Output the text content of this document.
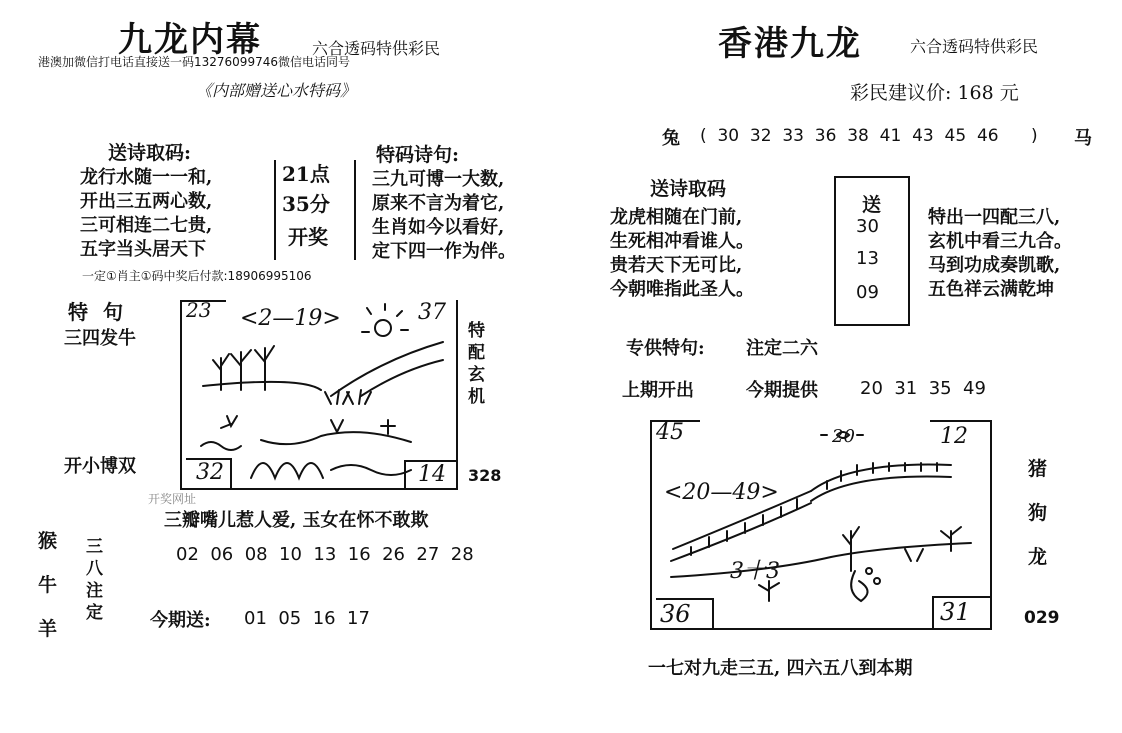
九龙内幕	六合透码特供彩民
港澳加微信打电话直接送一码13276099746微信电话同号
《内部赠送心水特码》
送诗取码:
龙行水随一一和,
开出三五两心数,
三可相连二七贵,
五字当头居天下
21点
35分
开奖
特码诗句:
三九可博一大数,
原来不言为着它,
生肖如今以看好,
定下四一作为伴。
一定①肖主①码中奖后付款:18906995106
特 句
三四发牛
开小博双
23 <2—19>	37
32	14
特
配
玄
机
328
开奖网址
三瓣嘴儿惹人爱, 玉女在怀不敢欺
猴
牛
羊
三
八
注
定
02  06  08  10  13  16  26  27  28
今期送: 01  05  16  17
香港九龙	六合透码特供彩民
彩民建议价: 168 元
兔 (  30  32  33  36  38  41  43  45  46      ) 马
送诗取码
龙虎相随在门前,
生死相冲看谁人。
贵若天下无可比,
今朝唯指此圣人。
送
30
13
09
特出一四配三八,
玄机中看三九合。
马到功成奏凯歌,
五色祥云满乾坤
专供特句: 注定二六
上期开出	今期提供 20  31  35  49
45	20	12
<20—49>
3十3
36	31
猪
狗
龙
029
一七对九走三五, 四六五八到本期
